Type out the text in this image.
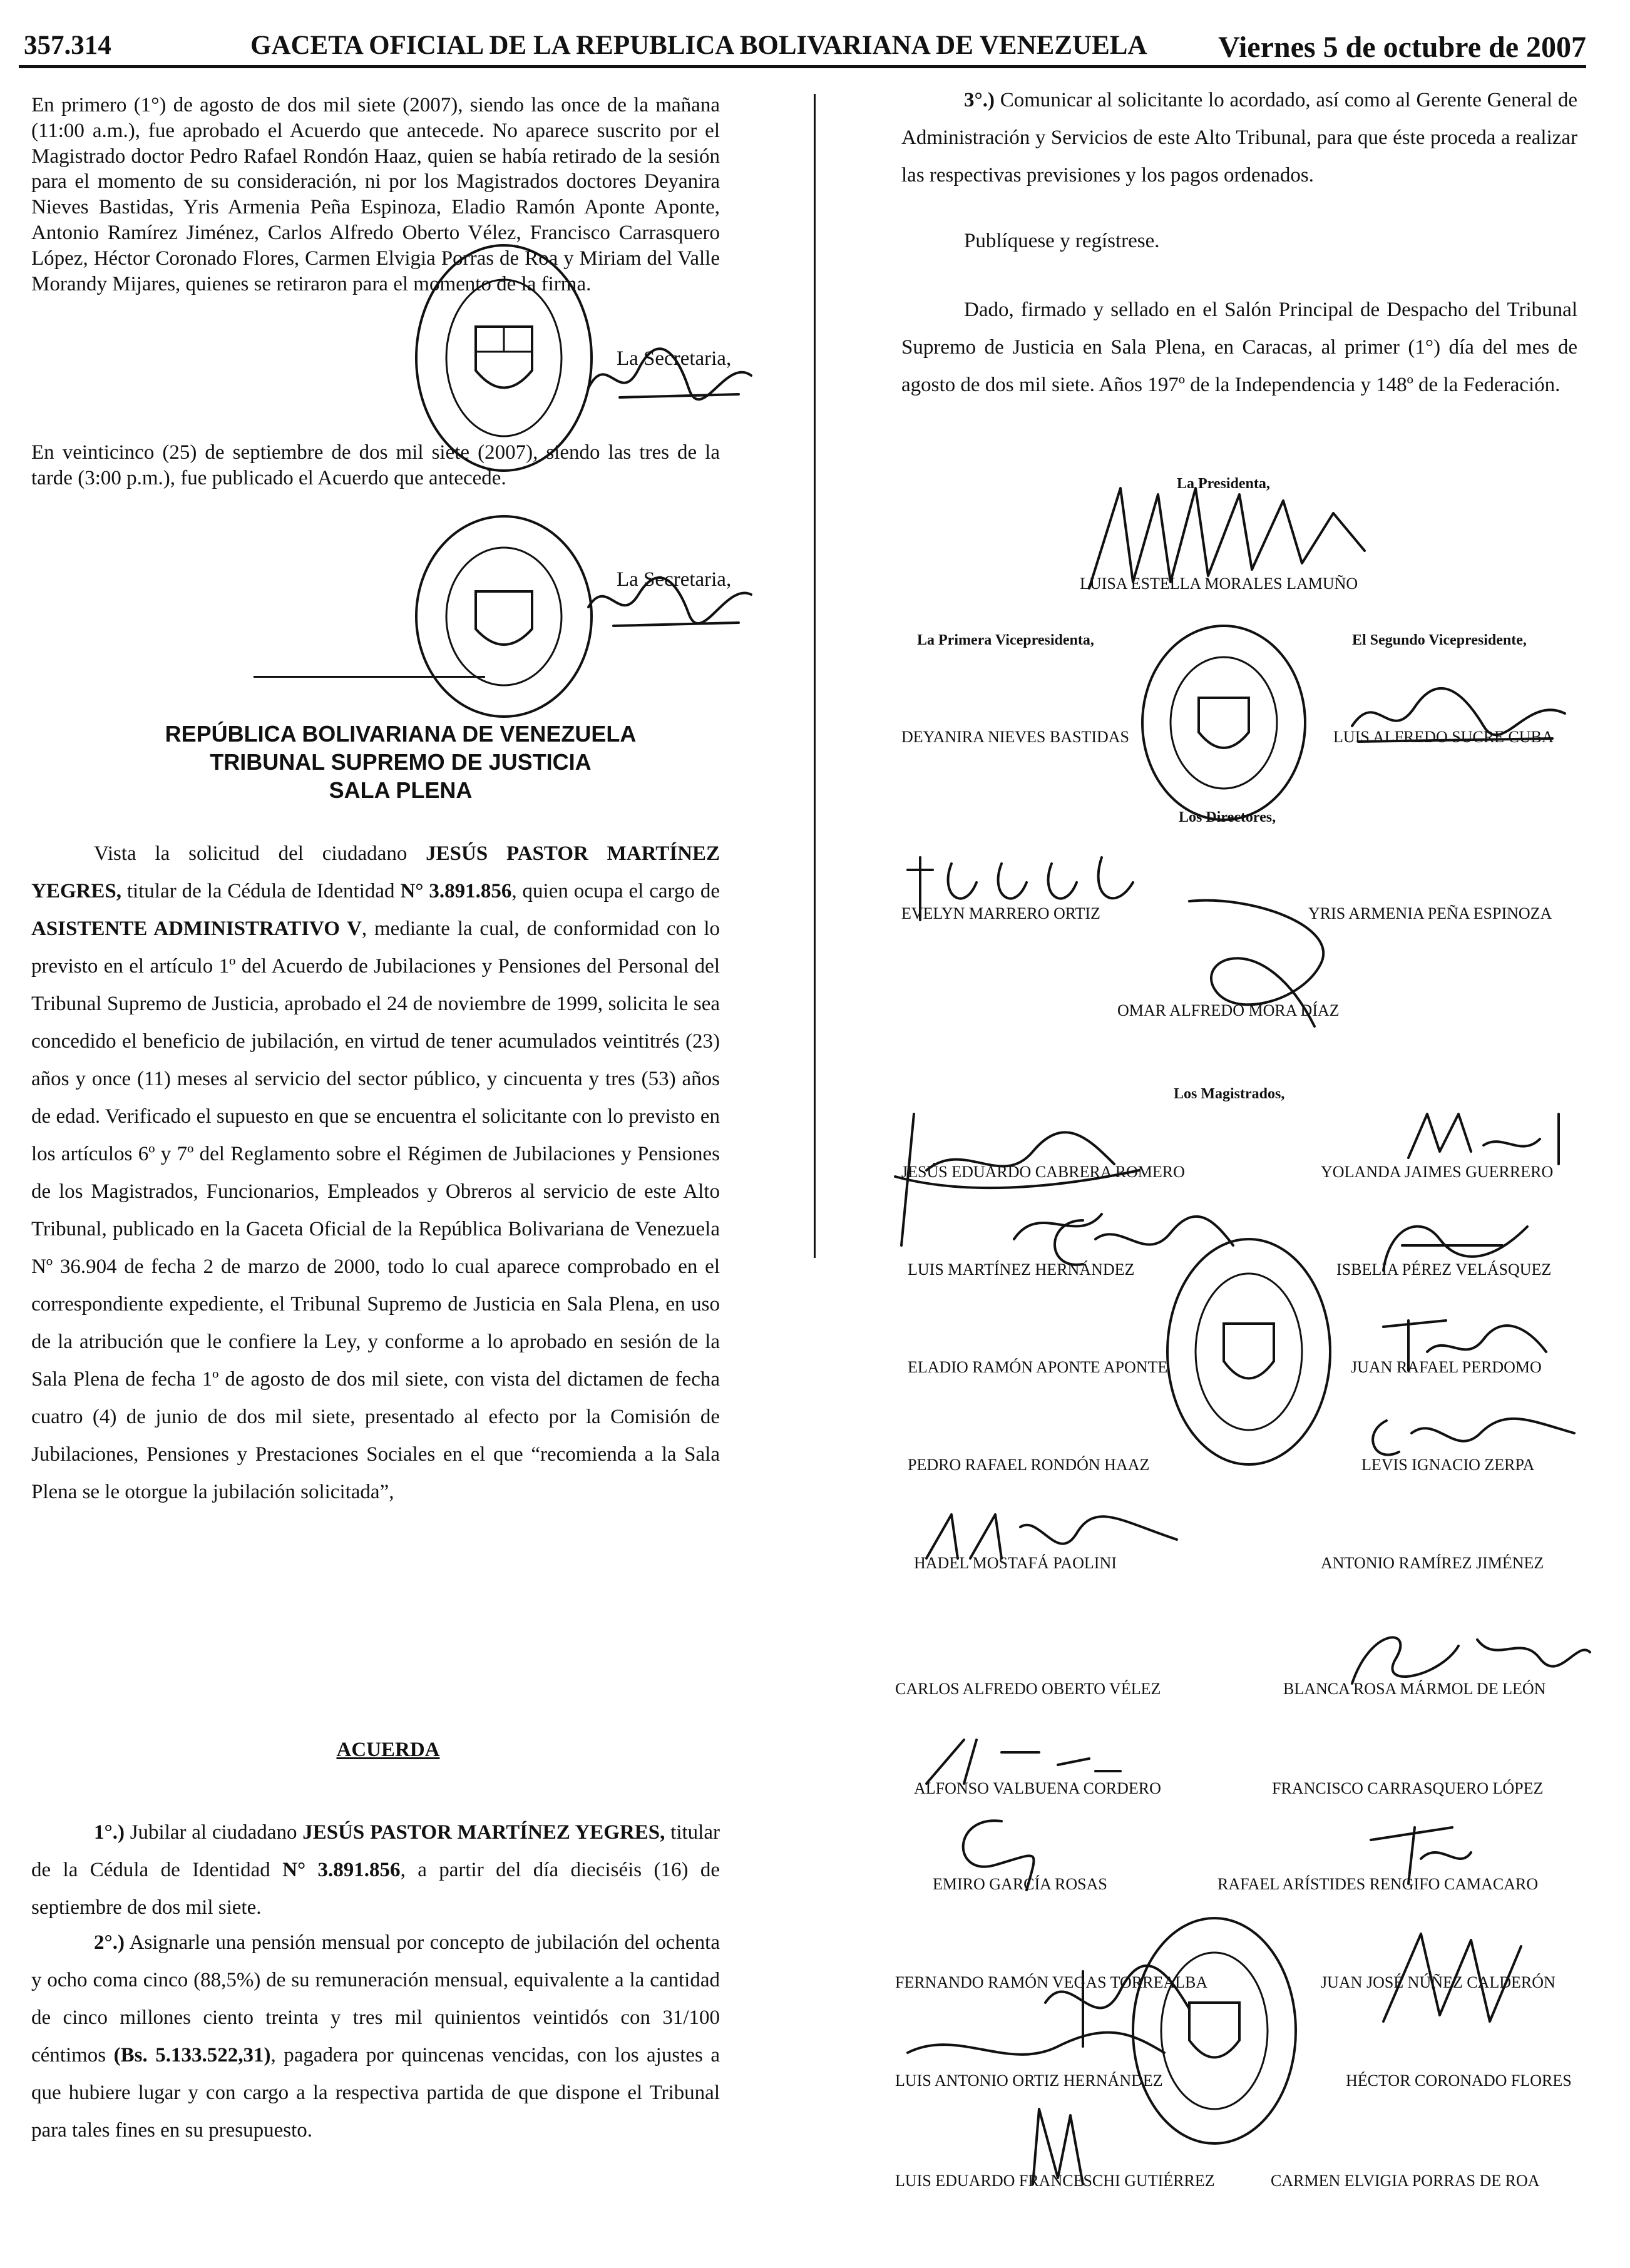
357.314	GACETA OFICIAL DE LA REPUBLICA BOLIVARIANA DE VENEZUELA Viernes 5 de octubre de 2007

En primero (1°) de agosto de dos mil siete (2007), siendo las once de la mañana (11:00 a.m.), fue aprobado el Acuerdo que antecede. No aparece suscrito por el Magistrado doctor Pedro Rafael Rondón Haaz, quien se había retirado de la sesión para el momento de su consideración, ni por los Magistrados doctores Deyanira Nieves Bastidas, Yris Armenia Peña Espinoza, Eladio Ramón Aponte Aponte, Antonio Ramírez Jiménez, Carlos Alfredo Oberto Vélez, Francisco Carrasquero López, Héctor Coronado Flores, Carmen Elvigia Porras de Roa y Miriam del Valle Morandy Mijares, quienes se retiraron para el momento de la firma.

La Secretaria,

En veinticinco (25) de septiembre de dos mil siete (2007), siendo las tres de la tarde (3:00 p.m.), fue publicado el Acuerdo que antecede.

La Secretaria,
REPÚBLICA BOLIVARIANA DE VENEZUELA
TRIBUNAL SUPREMO DE JUSTICIA
SALA PLENA

Vista la solicitud del ciudadano JESÚS PASTOR MARTÍNEZ YEGRES, titular de la Cédula de Identidad N° 3.891.856, quien ocupa el cargo de ASISTENTE ADMINISTRATIVO V, mediante la cual, de conformidad con lo previsto en el artículo 1º del Acuerdo de Jubilaciones y Pensiones del Personal del Tribunal Supremo de Justicia, aprobado el 24 de noviembre de 1999, solicita le sea concedido el beneficio de jubilación, en virtud de tener acumulados veintitrés (23) años y once (11) meses al servicio del sector público, y cincuenta y tres (53) años de edad. Verificado el supuesto en que se encuentra el solicitante con lo previsto en los artículos 6º y 7º del Reglamento sobre el Régimen de Jubilaciones y Pensiones de los Magistrados, Funcionarios, Empleados y Obreros al servicio de este Alto Tribunal, publicado en la Gaceta Oficial de la República Bolivariana de Venezuela Nº 36.904 de fecha 2 de marzo de 2000, todo lo cual aparece comprobado en el correspondiente expediente, el Tribunal Supremo de Justicia en Sala Plena, en uso de la atribución que le confiere la Ley, y conforme a lo aprobado en sesión de la Sala Plena de fecha 1º de agosto de dos mil siete, con vista del dictamen de fecha cuatro (4) de junio de dos mil siete, presentado al efecto por la Comisión de Jubilaciones, Pensiones y Prestaciones Sociales en el que “recomienda a la Sala Plena se le otorgue la jubilación solicitada”,

ACUERDA

1°.) Jubilar al ciudadano JESÚS PASTOR MARTÍNEZ YEGRES, titular de la Cédula de Identidad N° 3.891.856, a partir del día dieciséis (16) de septiembre de dos mil siete.

2°.) Asignarle una pensión mensual por concepto de jubilación del ochenta y ocho coma cinco (88,5%) de su remuneración mensual, equivalente a la cantidad de cinco millones ciento treinta y tres mil quinientos veintidós con 31/100 céntimos (Bs. 5.133.522,31), pagadera por quincenas vencidas, con los ajustes a que hubiere lugar y con cargo a la respectiva partida de que dispone el Tribunal para tales fines en su presupuesto.

3°.) Comunicar al solicitante lo acordado, así como al Gerente General de Administración y Servicios de este Alto Tribunal, para que éste proceda a realizar las respectivas previsiones y los pagos ordenados.

Publíquese y regístrese.

Dado, firmado y sellado en el Salón Principal de Despacho del Tribunal Supremo de Justicia en Sala Plena, en Caracas, al primer (1°) día del mes de agosto de dos mil siete. Años 197º de la Independencia y 148º de la Federación.

La Presidenta,
LUISA ESTELLA MORALES LAMUÑO
La Primera Vicepresidenta,	El Segundo Vicepresidente,
DEYANIRA NIEVES BASTIDAS	LUIS ALFREDO SUCRE CUBA
Los Directores,
EVELYN MARRERO ORTIZ	YRIS ARMENIA PEÑA ESPINOZA
OMAR ALFREDO MORA DÍAZ
Los Magistrados,
JESÚS EDUARDO CABRERA ROMERO	YOLANDA JAIMES GUERRERO
LUIS MARTÍNEZ HERNÁNDEZ	ISBELIA PÉREZ VELÁSQUEZ
ELADIO RAMÓN APONTE APONTE	JUAN RAFAEL PERDOMO
PEDRO RAFAEL RONDÓN HAAZ	LEVIS IGNACIO ZERPA
HADEL MOSTAFÁ PAOLINI	ANTONIO RAMÍREZ JIMÉNEZ
CARLOS ALFREDO OBERTO VÉLEZ	BLANCA ROSA MÁRMOL DE LEÓN
ALFONSO VALBUENA CORDERO	FRANCISCO CARRASQUERO LÓPEZ
EMIRO GARCÍA ROSAS	RAFAEL ARÍSTIDES RENGIFO CAMACARO
FERNANDO RAMÓN VEGAS TORREALBA	JUAN JOSÉ NÚÑEZ CALDERÓN
LUIS ANTONIO ORTIZ HERNÁNDEZ	HÉCTOR CORONADO FLORES
LUIS EDUARDO FRANCESCHI GUTIÉRREZ	CARMEN ELVIGIA PORRAS DE ROA
